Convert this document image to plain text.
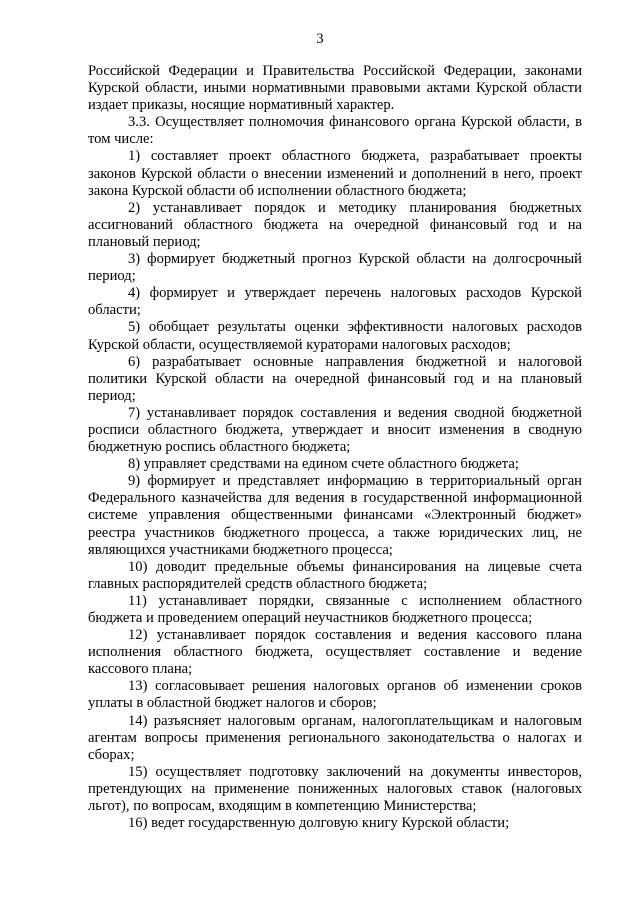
3

Российской Федерации и Правительства Российской Федерации, законами Курской области, иными нормативными правовыми актами Курской области издает приказы, носящие нормативный характер.

3.3. Осуществляет полномочия финансового органа Курской области, в том числе:

1) составляет проект областного бюджета, разрабатывает проекты законов Курской области о внесении изменений и дополнений в него, проект закона Курской области об исполнении областного бюджета;

2) устанавливает порядок и методику планирования бюджетных ассигнований областного бюджета на очередной финансовый год и на плановый период;

3) формирует бюджетный прогноз Курской области на долгосрочный период;

4) формирует и утверждает перечень налоговых расходов Курской области;

5) обобщает результаты оценки эффективности налоговых расходов Курской области, осуществляемой кураторами налоговых расходов;

6) разрабатывает основные направления бюджетной и налоговой политики Курской области на очередной финансовый год и на плановый период;

7) устанавливает порядок составления и ведения сводной бюджетной росписи областного бюджета, утверждает и вносит изменения в сводную бюджетную роспись областного бюджета;

8) управляет средствами на едином счете областного бюджета;

9) формирует и представляет информацию в территориальный орган Федерального казначейства для ведения в государственной информационной системе управления общественными финансами «Электронный бюджет» реестра участников бюджетного процесса, а также юридических лиц, не являющихся участниками бюджетного процесса;

10) доводит предельные объемы финансирования на лицевые счета главных распорядителей средств областного бюджета;

11) устанавливает порядки, связанные с исполнением областного бюджета и проведением операций неучастников бюджетного процесса;

12) устанавливает порядок составления и ведения кассового плана исполнения областного бюджета, осуществляет составление и ведение кассового плана;

13) согласовывает решения налоговых органов об изменении сроков уплаты в областной бюджет налогов и сборов;

14) разъясняет налоговым органам, налогоплательщикам и налоговым агентам вопросы применения регионального законодательства о налогах и сборах;

15) осуществляет подготовку заключений на документы инвесторов, претендующих на применение пониженных налоговых ставок (налоговых льгот), по вопросам, входящим в компетенцию Министерства;

16) ведет государственную долговую книгу Курской области;
